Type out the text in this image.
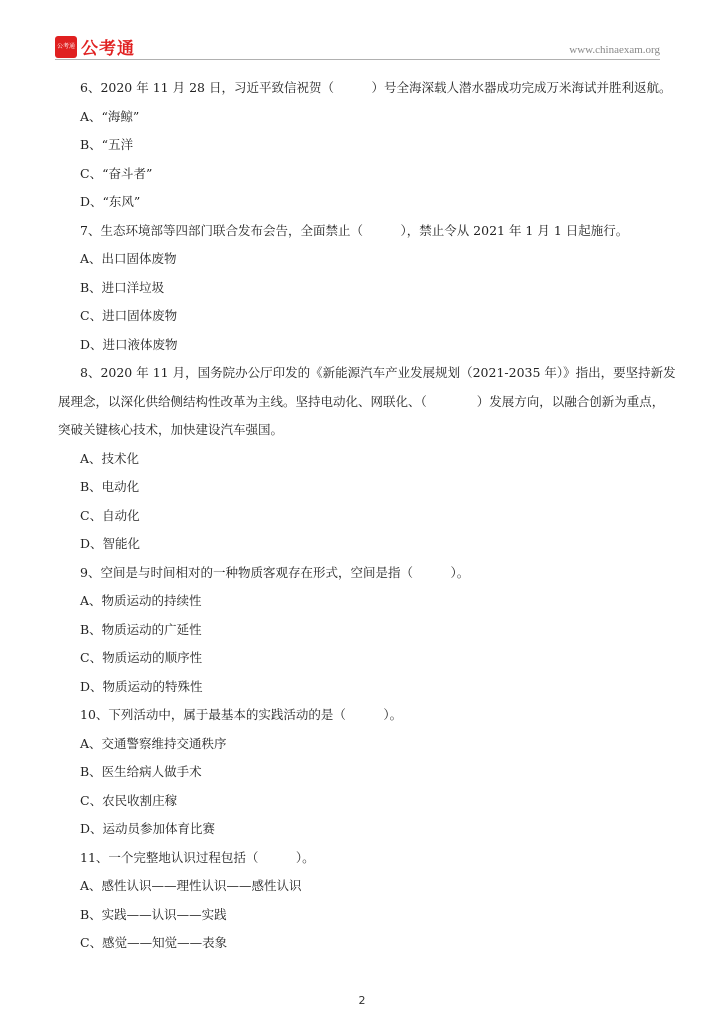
公考通 公考通	www.chinaexam.org
6、2020 年 11 月 28 日，习近平致信祝贺（　　　）号全海深载人潜水器成功完成万米海试并胜利返航。
A、“海鲸”
B、“五洋
C、“奋斗者”
D、“东风”
7、生态环境部等四部门联合发布会告，全面禁止（　　　），禁止令从 2021 年 1 月 1 日起施行。
A、出口固体废物
B、进口洋垃圾
C、进口固体废物
D、进口液体废物
8、2020 年 11 月，国务院办公厅印发的《新能源汽车产业发展规划（2021-2035 年）》指出，要坚持新发
展理念，以深化供给侧结构性改革为主线。坚持电动化、网联化、（　　　　）发展方向，以融合创新为重点，
突破关键核心技术，加快建设汽车强国。
A、技术化
B、电动化
C、自动化
D、智能化
9、空间是与时间相对的一种物质客观存在形式，空间是指（　　　）。
A、物质运动的持续性
B、物质运动的广延性
C、物质运动的顺序性
D、物质运动的特殊性
10、下列活动中，属于最基本的实践活动的是（　　　）。
A、交通警察维持交通秩序
B、医生给病人做手术
C、农民收割庄稼
D、运动员参加体育比赛
11、一个完整地认识过程包括（　　　）。
A、感性认识——理性认识——感性认识
B、实践——认识——实践
C、感觉——知觉——表象
2
